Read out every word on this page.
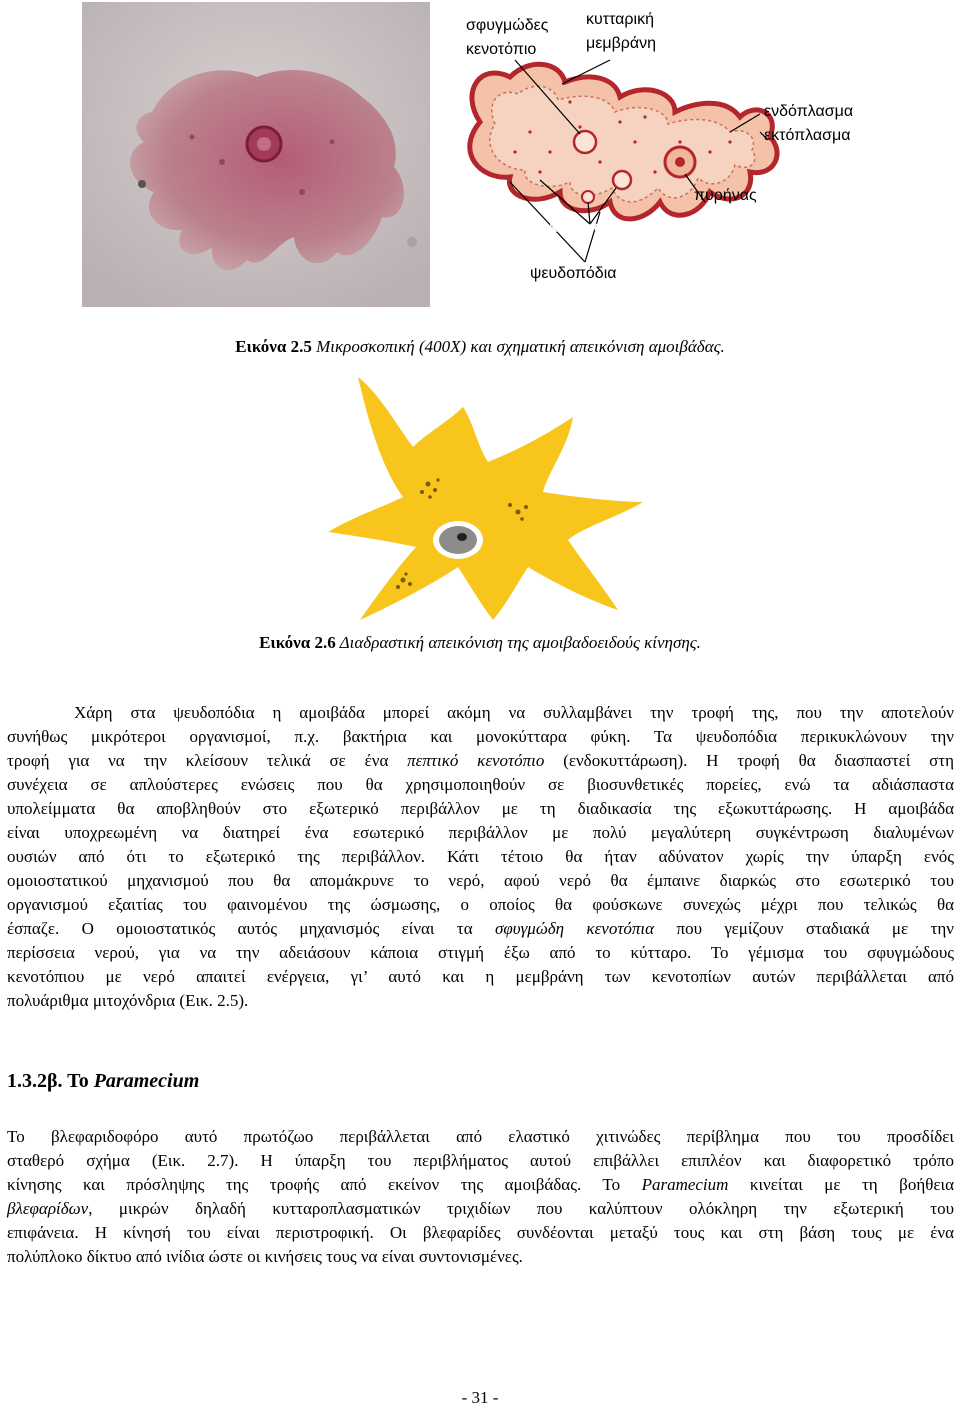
σφυγμώδες
κενοτόπιο
κυτταρική
μεμβράνη
ενδόπλασμα
εκτόπλασμα
πυρήνας
πεπτικά κενοτόπια
ψευδοπόδια
Εικόνα 2.5 Μικροσκοπική (400Χ) και σχηματική απεικόνιση αμοιβάδας.
Εικόνα 2.6 Διαδραστική απεικόνιση της αμοιβαδοειδούς κίνησης.
Χάρη στα ψευδοπόδια η αμοιβάδα μπορεί ακόμη να συλλαμβάνει την τροφή της, που την αποτελούν
συνήθως μικρότεροι οργανισμοί, π.χ. βακτήρια και μονοκύτταρα φύκη. Τα ψευδοπόδια περικυκλώνουν την
τροφή για να την κλείσουν τελικά σε ένα πεπτικό κενοτόπιο (ενδοκυττάρωση). Η τροφή θα διασπαστεί στη
συνέχεια σε απλούστερες ενώσεις που θα χρησιμοποιηθούν σε βιοσυνθετικές πορείες, ενώ τα αδιάσπαστα
υπολείμματα θα αποβληθούν στο εξωτερικό περιβάλλον με τη διαδικασία της εξωκυττάρωσης. Η αμοιβάδα
είναι υποχρεωμένη να διατηρεί ένα εσωτερικό περιβάλλον με πολύ μεγαλύτερη συγκέντρωση διαλυμένων
ουσιών από ότι το εξωτερικό της περιβάλλον. Κάτι τέτοιο θα ήταν αδύνατον χωρίς την ύπαρξη ενός
ομοιοστατικού μηχανισμού που θα απομάκρυνε το νερό, αφού νερό θα έμπαινε διαρκώς στο εσωτερικό του
οργανισμού εξαιτίας του φαινομένου της ώσμωσης, ο οποίος θα φούσκωνε συνεχώς μέχρι που τελικώς θα
έσπαζε. Ο ομοιοστατικός αυτός μηχανισμός είναι τα σφυγμώδη κενοτόπια που γεμίζουν σταδιακά με την
περίσσεια νερού, για να την αδειάσουν κάποια στιγμή έξω από το κύτταρο. Το γέμισμα του σφυγμώδους
κενοτόπιου με νερό απαιτεί ενέργεια, γι’ αυτό και η μεμβράνη των κενοτοπίων αυτών περιβάλλεται από
πολυάριθμα μιτοχόνδρια (Εικ. 2.5).
1.3.2β. Το Paramecium
Το βλεφαριδοφόρο αυτό πρωτόζωο περιβάλλεται από ελαστικό χιτινώδες περίβλημα που του προσδίδει
σταθερό σχήμα (Εικ. 2.7). Η ύπαρξη του περιβλήματος αυτού επιβάλλει επιπλέον και διαφορετικό τρόπο
κίνησης και πρόσληψης της τροφής από εκείνον της αμοιβάδας. Το Paramecium κινείται με τη βοήθεια
βλεφαρίδων, μικρών δηλαδή κυτταροπλασματικών τριχιδίων που καλύπτουν ολόκληρη την εξωτερική του
επιφάνεια. Η κίνησή του είναι περιστροφική. Οι βλεφαρίδες συνδέονται μεταξύ τους και στη βάση τους με ένα
πολύπλοκο δίκτυο από ινίδια ώστε οι κινήσεις τους να είναι συντονισμένες.
- 31 -
